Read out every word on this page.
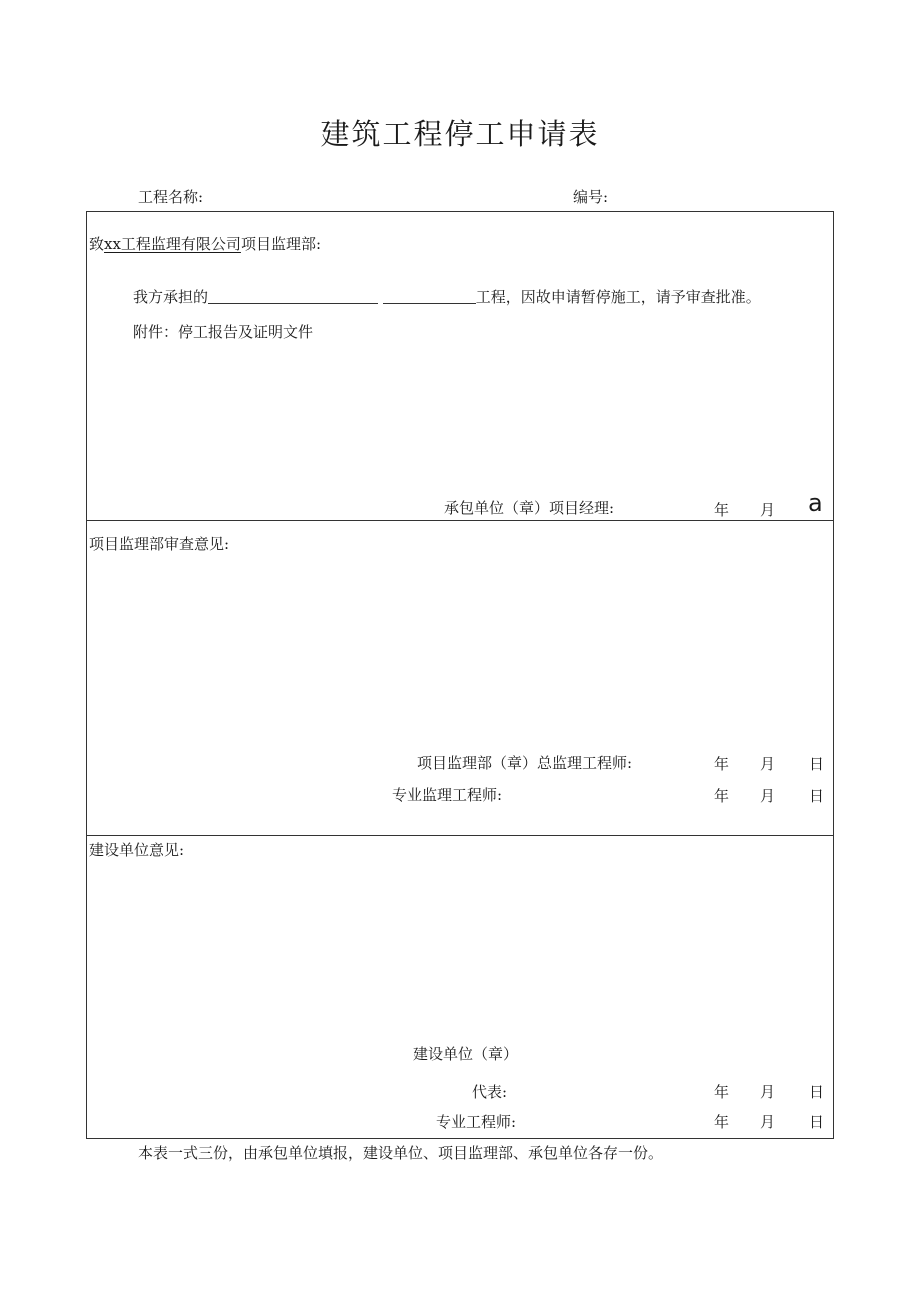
建筑工程停工申请表
工程名称:	编号:
致xx工程监理有限公司项目监理部:
我方承担的	工程，因故申请暂停施工，请予审查批准。
附件：停工报告及证明文件
承包单位（章）项目经理:	年 月 a
项目监理部审查意见:
项目监理部（章）总监理工程师:	年 月 日
专业监理工程师:	年 月 日
建设单位意见:
建设单位（章）
代表:	年 月 日
专业工程师:	年 月 日
本表一式三份，由承包单位填报，建设单位、项目监理部、承包单位各存一份。
